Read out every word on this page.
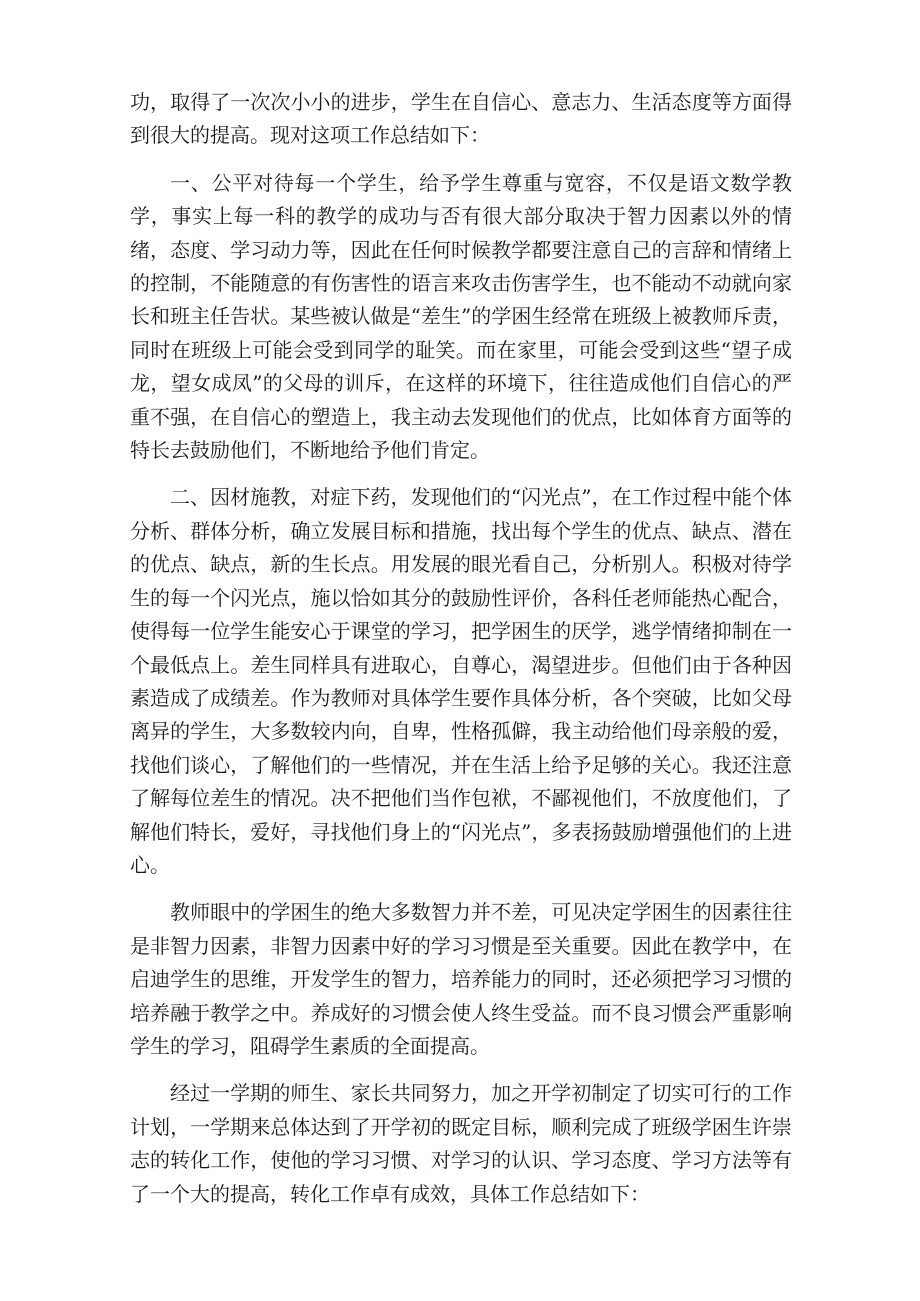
功，取得了一次次小小的进步，学生在自信心、意志力、生活态度等方面得到很大的提高。现对这项工作总结如下：

一、公平对待每一个学生，给予学生尊重与宽容，不仅是语文数学教学，事实上每一科的教学的成功与否有很大部分取决于智力因素以外的情绪，态度、学习动力等，因此在任何时候教学都要注意自己的言辞和情绪上的控制，不能随意的有伤害性的语言来攻击伤害学生，也不能动不动就向家长和班主任告状。某些被认做是“差生”的学困生经常在班级上被教师斥责，同时在班级上可能会受到同学的耻笑。而在家里，可能会受到这些“望子成龙，望女成凤”的父母的训斥，在这样的环境下，往往造成他们自信心的严重不强，在自信心的塑造上，我主动去发现他们的优点，比如体育方面等的特长去鼓励他们，不断地给予他们肯定。

二、因材施教，对症下药，发现他们的“闪光点”，在工作过程中能个体分析、群体分析，确立发展目标和措施，找出每个学生的优点、缺点、潜在的优点、缺点，新的生长点。用发展的眼光看自己，分析别人。积极对待学生的每一个闪光点，施以恰如其分的鼓励性评价，各科任老师能热心配合，使得每一位学生能安心于课堂的学习，把学困生的厌学，逃学情绪抑制在一个最低点上。差生同样具有进取心，自尊心，渴望进步。但他们由于各种因素造成了成绩差。作为教师对具体学生要作具体分析，各个突破，比如父母离异的学生，大多数较内向，自卑，性格孤僻，我主动给他们母亲般的爱，找他们谈心，了解他们的一些情况，并在生活上给予足够的关心。我还注意了解每位差生的情况。决不把他们当作包袱，不鄙视他们，不放度他们，了解他们特长，爱好，寻找他们身上的“闪光点”，多表扬鼓励增强他们的上进心。

教师眼中的学困生的绝大多数智力并不差，可见决定学困生的因素往往是非智力因素，非智力因素中好的学习习惯是至关重要。因此在教学中，在启迪学生的思维，开发学生的智力，培养能力的同时，还必须把学习习惯的培养融于教学之中。养成好的习惯会使人终生受益。而不良习惯会严重影响学生的学习，阻碍学生素质的全面提高。

经过一学期的师生、家长共同努力，加之开学初制定了切实可行的工作计划，一学期来总体达到了开学初的既定目标，顺利完成了班级学困生许崇志的转化工作，使他的学习习惯、对学习的认识、学习态度、学习方法等有了一个大的提高，转化工作卓有成效，具体工作总结如下：
